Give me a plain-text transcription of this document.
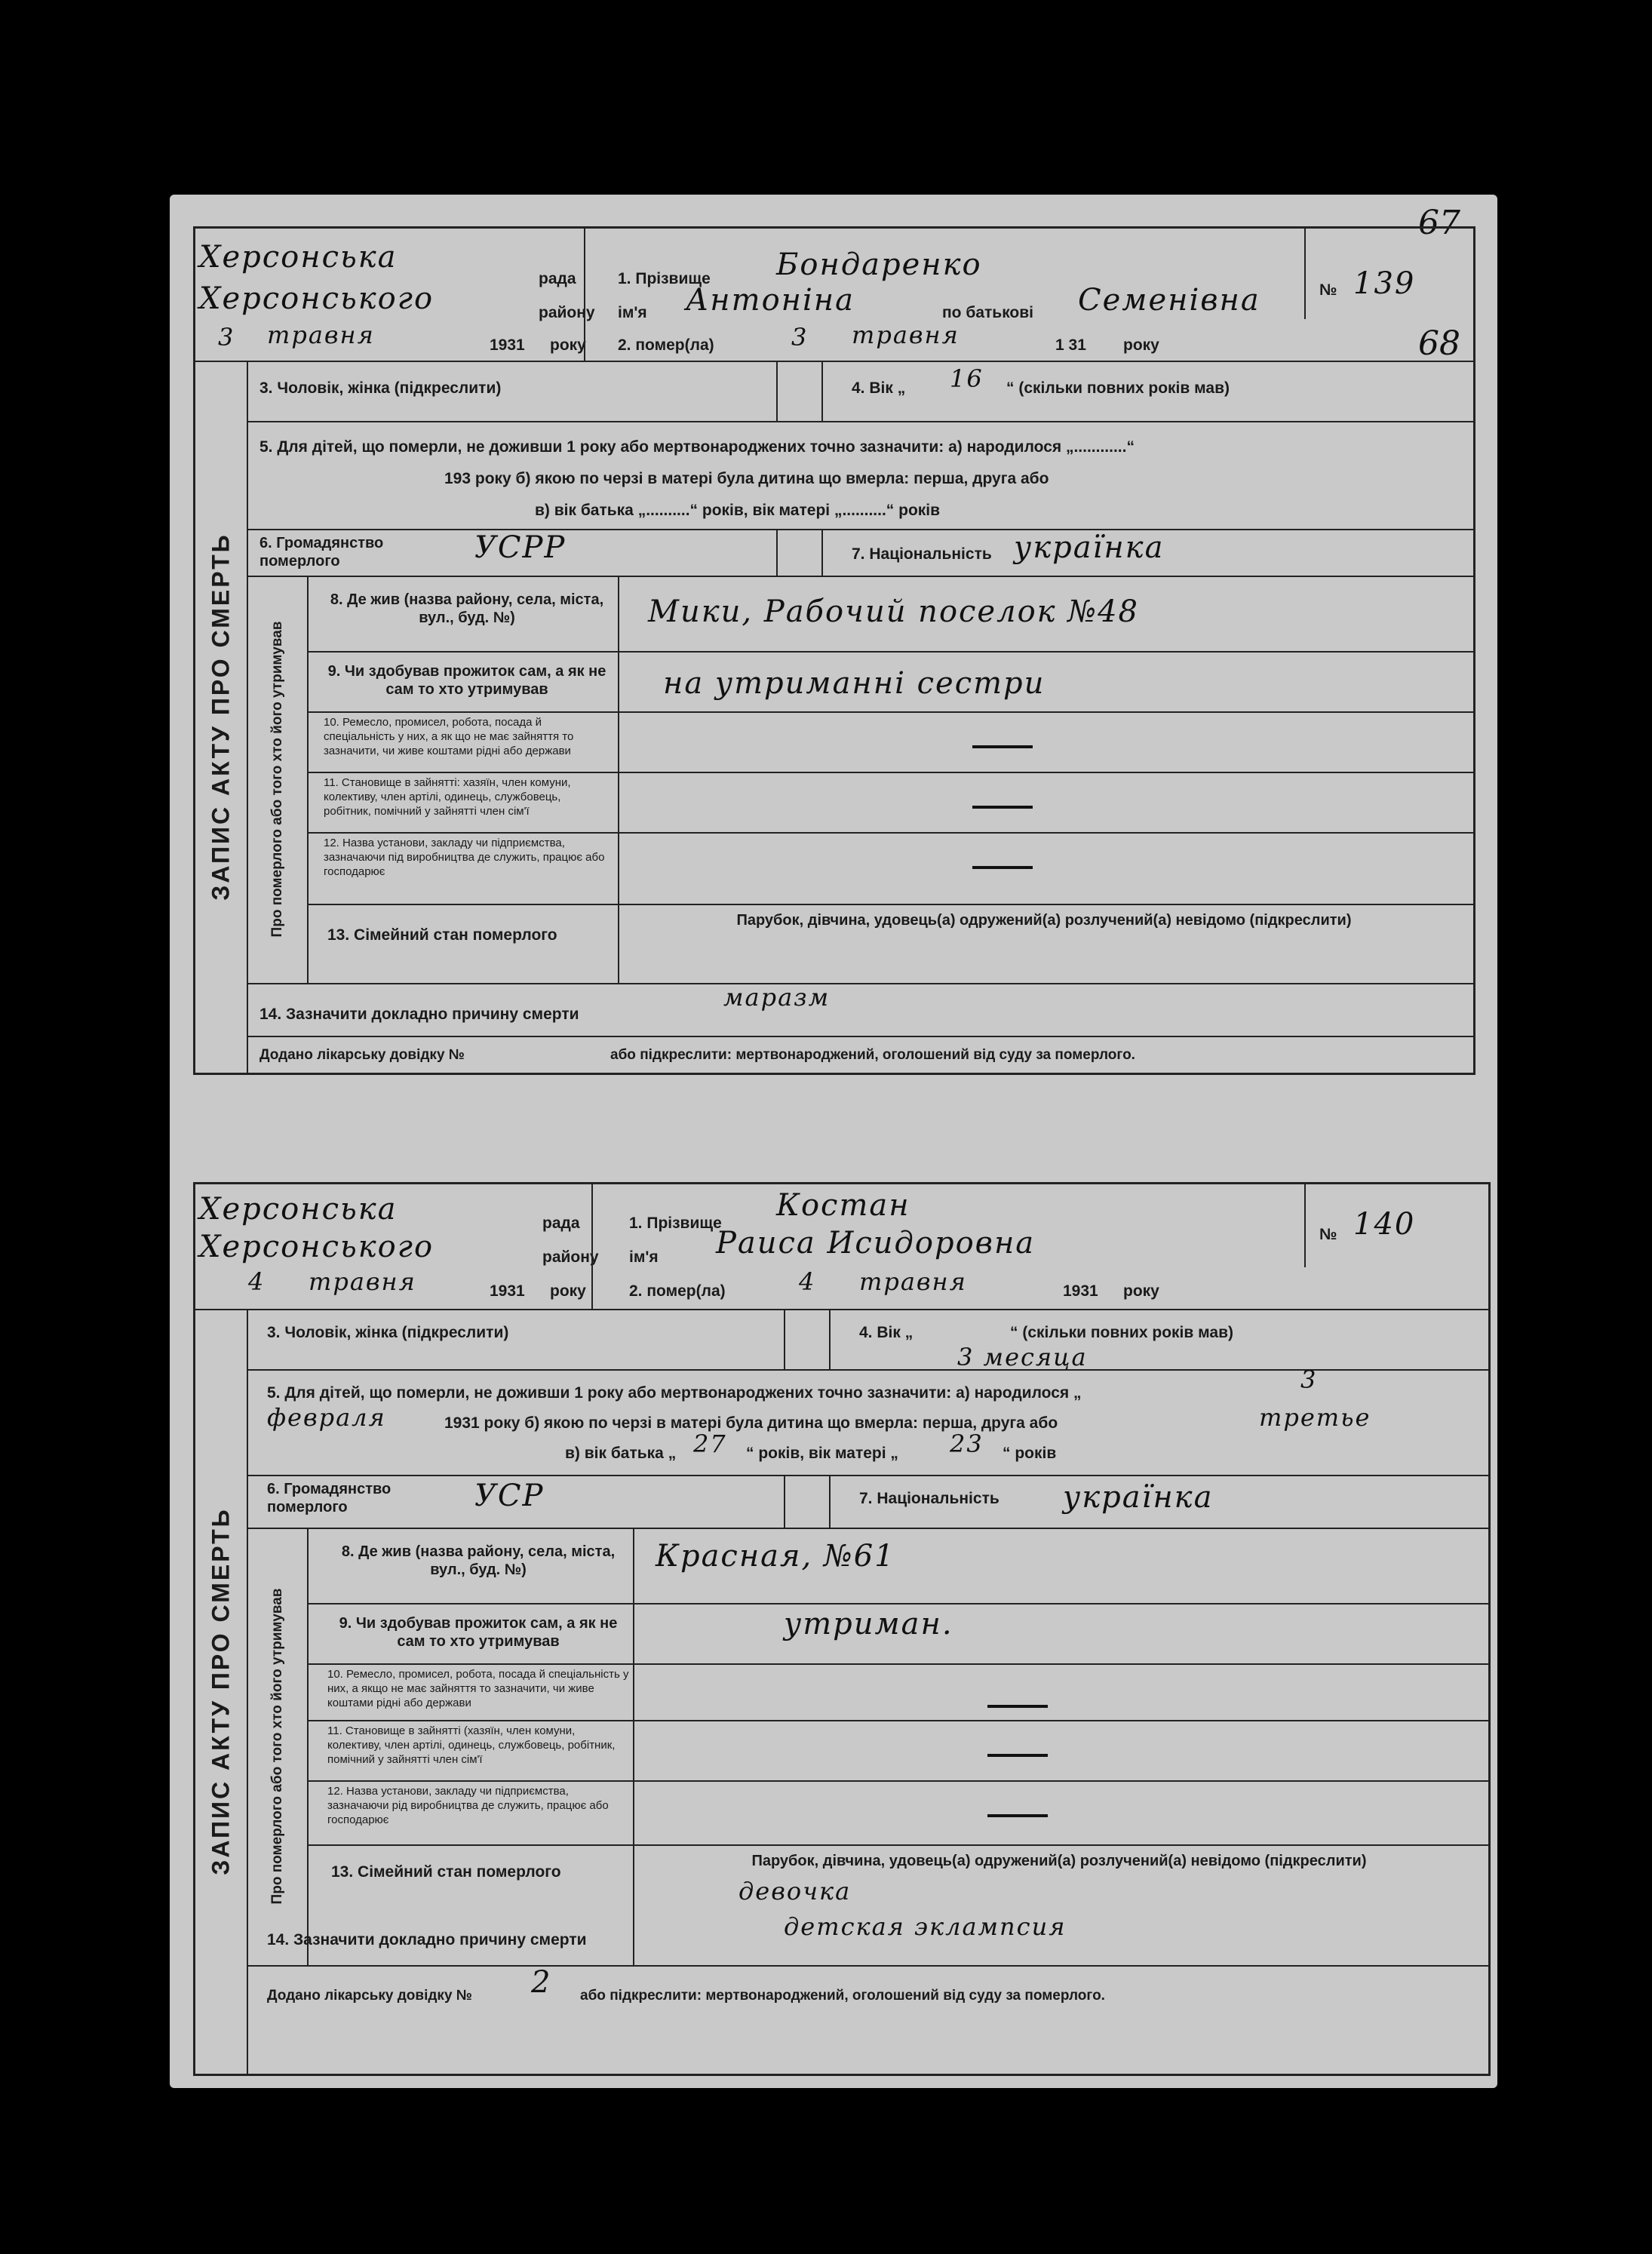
67
68
Херсонська
рада
Херсонського	району
3 травня	1931 року
1. Прізвище Бондаренко
ім'я Антоніна	по батькові Семенівна
2. помер(ла)	3 травня	1 31 року
№ 139
ЗАПИС АКТУ ПРО СМЕРТЬ
3. Чоловік, жінка (підкреслити)	4. Вік „ 16 “ (скільки повних років мав)
5. Для дітей, що померли, не доживши 1 року або мертвонароджених точно зазначити: а) народилося „............“
193 року б) якою по черзі в матері була дитина що вмерла: перша, друга або
в) вік батька „..........“ років, вік матері „..........“ років
6. Громадянство померлого	УСРР	7. Національність українка
Про померлого або того хто його утримував
8. Де жив (назва району, села, міста, вул., буд. №)	Мики, Рабочий поселок №48
9. Чи здобував прожиток сам, а як не сам то хто утримував	на утриманні сестри
10. Ремесло, промисел, робота, посада й спеціальність у них, а як що не має зайняття то зазначити, чи живе коштами рідні або держави
11. Становище в зайнятті: хазяїн, член комуни, колективу, член артілі, одинець, службовець, робітник, помічний у зайнятті член сім'ї
12. Назва установи, закладу чи підприємства, зазначаючи під виробництва де служить, працює або господарює
13. Сімейний стан померлого
Парубок, дівчина, удовець(а) одружений(а) розлучений(а) невідомо (підкреслити)
14. Зазначити докладно причину смерти
маразм
Додано лікарську довідку №	або підкреслити: мертвонароджений, оголошений від суду за померлого.
Херсонська	рада
Херсонського	району
4 травня	1931 року
1. Прізвище
Костан
ім'я Раиса Исидоровна
2. помер(ла)	4 травня	1931 року
№ 140
ЗАПИС АКТУ ПРО СМЕРТЬ
3. Чоловік, жінка (підкреслити)	4. Вік „	“ (скільки повних років мав)
3 месяца
5. Для дітей, що померли, не доживши 1 року або мертвонароджених точно зазначити: а) народилося „	3
февраля	1931 року б) якою по черзі в матері була дитина що вмерла: перша, друга або	третье
в) вік батька „ 27 “ років, вік матері „ 23 “ років
6. Громадянство померлого	УСР	7. Національність українка
Про померлого або того хто його утримував
8. Де жив (назва району, села, міста, вул., буд. №)	Красная, №61
9. Чи здобував прожиток сам, а як не сам то хто утримував	утриман.
10. Ремесло, промисел, робота, посада й спеціальність у них, а якщо не має зайняття то зазначити, чи живе коштами рідні або держави
11. Становище в зайнятті (хазяїн, член комуни, колективу, член артілі, одинець, службовець, робітник, помічний у зайнятті член сім'ї
12. Назва установи, закладу чи підприємства, зазначаючи рід виробництва де служить, працює або господарює
13. Сімейний стан померлого
Парубок, дівчина, удовець(а) одружений(а) розлучений(а) невідомо (підкреслити)
девочка
14. Зазначити докладно причину смерти	детская эклампсия
Додано лікарську довідку № 2 або підкреслити: мертвонароджений, оголошений від суду за померлого.
